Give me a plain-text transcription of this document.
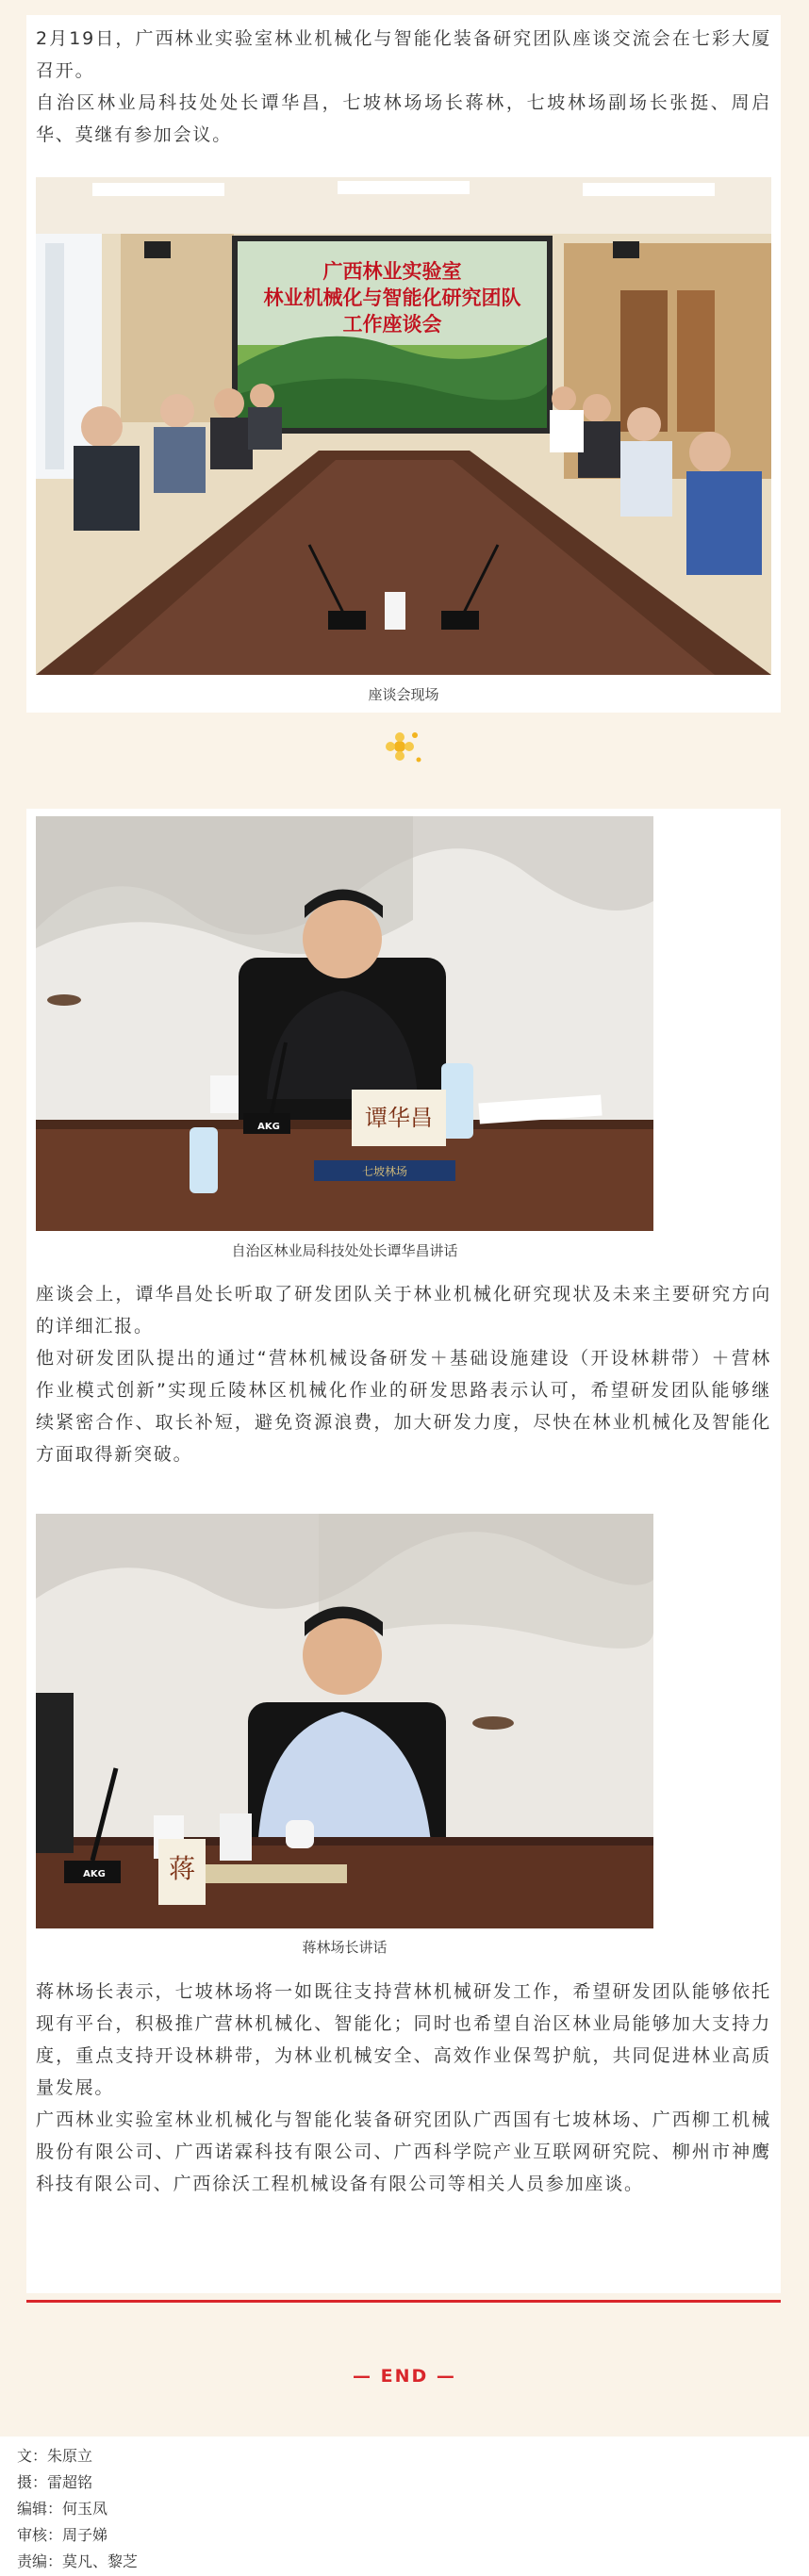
2月19日，广西林业实验室林业机械化与智能化装备研究团队座谈交流会在七彩大厦召开。

自治区林业局科技处处长谭华昌，七坡林场场长蒋林，七坡林场副场长张挺、周启华、莫继有参加会议。

广西林业实验室
林业机械化与智能化研究团队
工作座谈会
座谈会现场
AKG	谭华昌
七坡林场
自治区林业局科技处处长谭华昌讲话

座谈会上，谭华昌处长听取了研发团队关于林业机械化研究现状及未来主要研究方向的详细汇报。

他对研发团队提出的通过“营林机械设备研发＋基础设施建设（开设林耕带）＋营林作业模式创新”实现丘陵林区机械化作业的研发思路表示认可，希望研发团队能够继续紧密合作、取长补短，避免资源浪费，加大研发力度，尽快在林业机械化及智能化方面取得新突破。

AKG	蒋
蒋林场长讲话

蒋林场长表示，七坡林场将一如既往支持营林机械研发工作，希望研发团队能够依托现有平台，积极推广营林机械化、智能化；同时也希望自治区林业局能够加大支持力度，重点支持开设林耕带，为林业机械安全、高效作业保驾护航，共同促进林业高质量发展。

广西林业实验室林业机械化与智能化装备研究团队广西国有七坡林场、广西柳工机械股份有限公司、广西诺霖科技有限公司、广西科学院产业互联网研究院、柳州市神鹰科技有限公司、广西徐沃工程机械设备有限公司等相关人员参加座谈。

— END —
文：朱原立
摄：雷超铭
编辑：何玉凤
审核：周子娣
责编：莫凡、黎芝
